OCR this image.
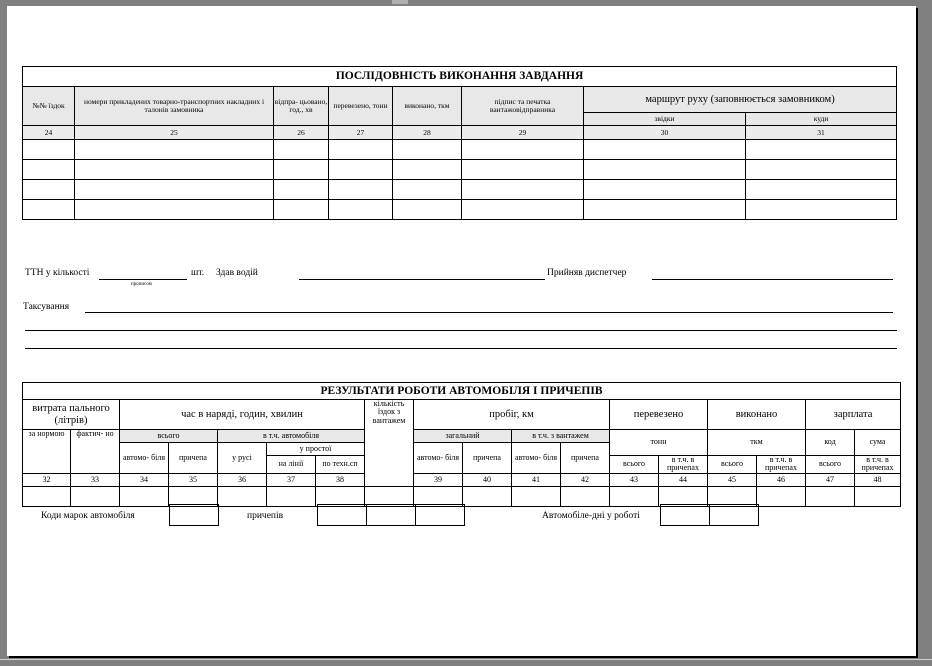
ПОСЛІДОВНІСТЬ ВИКОНАННЯ ЗАВДАННЯ							
№№ їздок	номери прикладених товарно-транспортних накладних і талонів замовника	відпра- цьовано, год., хв	перевезено, тонн	виконано, ткм	підпис та печатка вантажовідправника	маршрут руху (заповнюється замовником)	
						звідки	куди
24	25	26	27	28	29	30	31

ТТН у кількості
прописом
шт. Здав водій	Прийняв диспетчер
Таксування
РЕЗУЛЬТАТИ РОБОТИ АВТОМОБІЛЯ І ПРИЧЕПІВ																		
витрата пального (літрів)		час в наряді, годин, хвилин					кількість їздок з вантажем	пробіг, км				перевезено		виконано		зарплата		
за нормою	фактич- но	всього		в т.ч. автомобіля				загальний		в т.ч. з вантажем		тонн		ткм		код	сума	
		автомо- біля	причепа	у русі	у простої			автомо- біля	причепа	автомо- біля	причепа							
					на лінії	по техн.сп						всього	в т.ч. в причепах	всього	в т.ч. в причепах	всього	в т.ч. в причепах	
32	33	34	35	36	37	38		39	40	41	42	43	44	45	46	47	48	

Коди марок автомобіля	причепів	Автомобіле-дні у роботі
